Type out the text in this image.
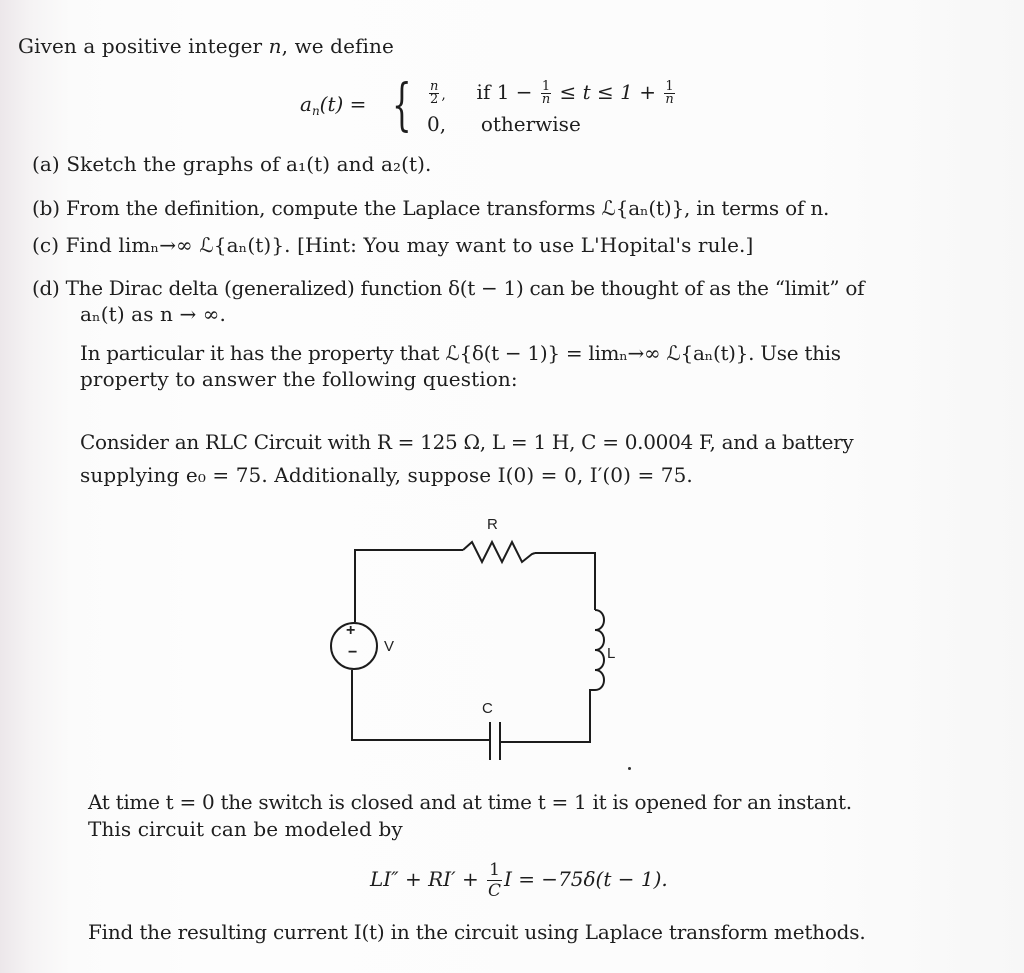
Given a positive integer n, we define
$a_n(t)$ = { $\frac{n}{2}$ , if $1 - \frac{1}{n} \le t \le 1 + \frac{1}{n}$
0, otherwise
(a) Sketch the graphs of a₁(t) and a₂(t).
(b) From the definition, compute the Laplace transforms ℒ{aₙ(t)}, in terms of n.
(c) Find limₙ→∞ ℒ{aₙ(t)}. [Hint: You may want to use L'Hopital's rule.]
(d) The Dirac delta (generalized) function δ(t − 1) can be thought of as the “limit” of
aₙ(t) as n → ∞.
In particular it has the property that ℒ{δ(t − 1)} = limₙ→∞ ℒ{aₙ(t)}. Use this
property to answer the following question:
Consider an RLC Circuit with R = 125 Ω, L = 1 H, C = 0.0004 F, and a battery
supplying e₀ = 75. Additionally, suppose I(0) = 0, I′(0) = 75.
+
− V
R
L
C
At time t = 0 the switch is closed and at time t = 1 it is opened for an instant.
This circuit can be modeled by
$LI'' + RI' + \frac{1}{C}$ I = −75δ(t − 1).
Find the resulting current I(t) in the circuit using Laplace transform methods.
